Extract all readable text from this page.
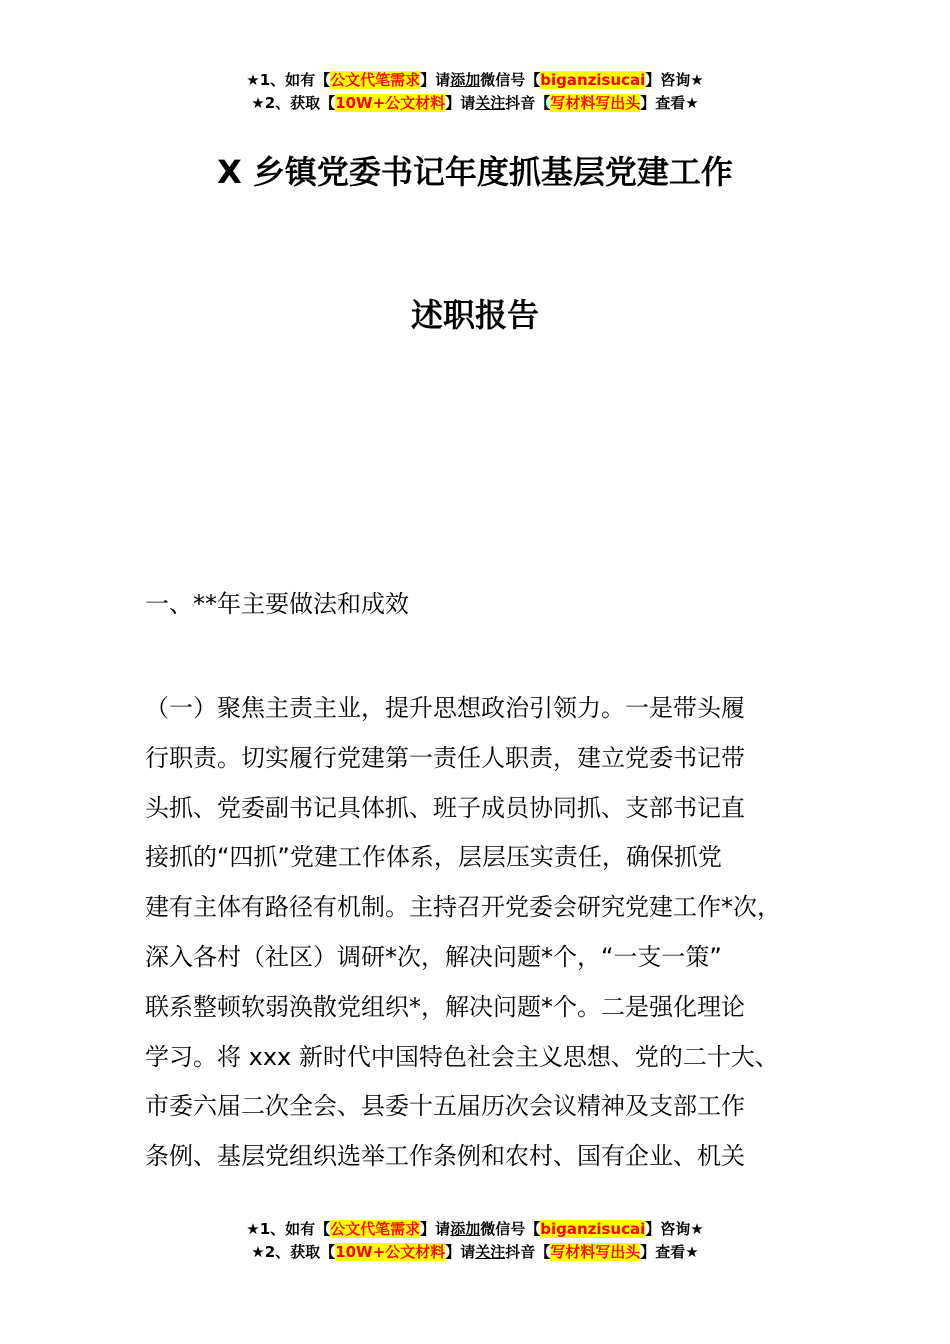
★1、如有【公文代笔需求】请添加微信号【biganzisucai】咨询★
★2、获取【10W+公文材料】请关注抖音【写材料写出头】查看★
X 乡镇党委书记年度抓基层党建工作
述职报告
一、**年主要做法和成效
（一）聚焦主责主业，提升思想政治引领力。一是带头履
行职责。切实履行党建第一责任人职责，建立党委书记带
头抓、党委副书记具体抓、班子成员协同抓、支部书记直
接抓的“四抓”党建工作体系，层层压实责任，确保抓党
建有主体有路径有机制。主持召开党委会研究党建工作*次，
深入各村（社区）调研*次，解决问题*个，“一支一策”
联系整顿软弱涣散党组织*，解决问题*个。二是强化理论
学习。将 xxx 新时代中国特色社会主义思想、党的二十大、
市委六届二次全会、县委十五届历次会议精神及支部工作
条例、基层党组织选举工作条例和农村、国有企业、机关
★1、如有【公文代笔需求】请添加微信号【biganzisucai】咨询★
★2、获取【10W+公文材料】请关注抖音【写材料写出头】查看★
